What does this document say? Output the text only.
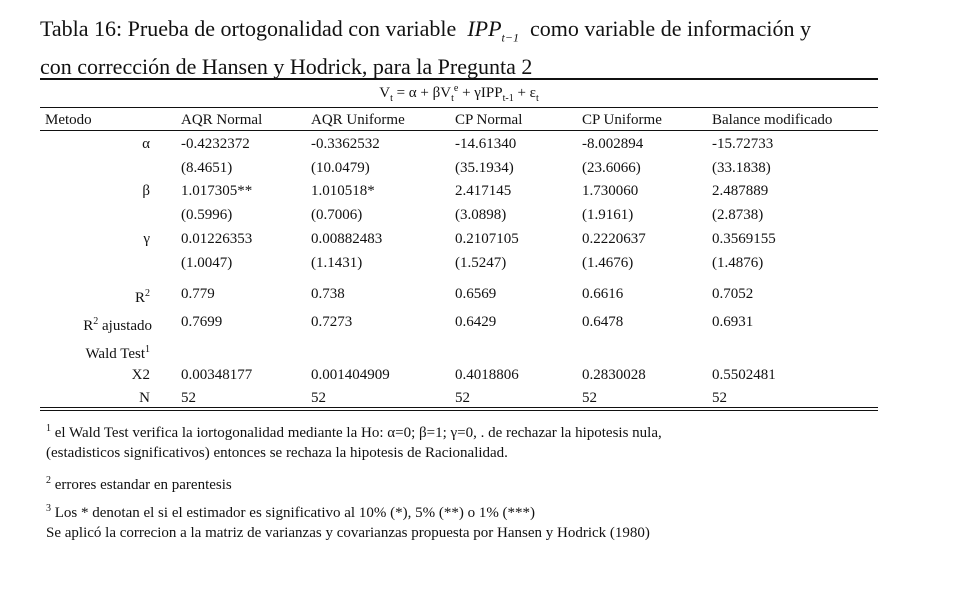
Tabla 16: Prueba de ortogonalidad con variable $IPP_{t-1}$ como variable de información y
con corrección de Hansen y Hodrick, para la Pregunta 2
$V_t = \alpha + \beta V_t^e + \gamma IPP_{t-1} + \varepsilon_t$
Metodo	AQR Normal	AQR Uniforme	CP Normal	CP Uniforme	Balance modificado
α -0.4232372	-0.3362532	-14.61340	-8.002894	-15.72733
(8.4651)	(10.0479)	(35.1934)	(23.6066)	(33.1838)
β 1.017305**	1.010518*	2.417145	1.730060	2.487889
(0.5996)	(0.7006)	(3.0898)	(1.9161)	(2.8738)
γ 0.01226353	0.00882483	0.2107105	0.2220637	0.3569155
(1.0047)	(1.1431)	(1.5247)	(1.4676)	(1.4876)
$R^2$ 0.779	0.738	0.6569	0.6616	0.7052
$R^2$ ajustado 0.7699	0.7273	0.6429	0.6478	0.6931
Wald Test$^1$
X2 0.00348177	0.001404909	0.4018806	0.2830028	0.5502481
N 52	52	52	52	52
$^1$ el Wald Test verifica la iortogonalidad mediante la Ho: α=0; β=1; γ=0, . de rechazar la hipotesis nula,
(estadisticos significativos) entonces se rechaza la hipotesis de Racionalidad.
$^2$ errores estandar en parentesis
$^3$ Los * denotan el si el estimador es significativo al 10% (*), 5% (**) o 1% (***)
Se aplicó la correcion a la matriz de varianzas y covarianzas propuesta por Hansen y Hodrick (1980)
